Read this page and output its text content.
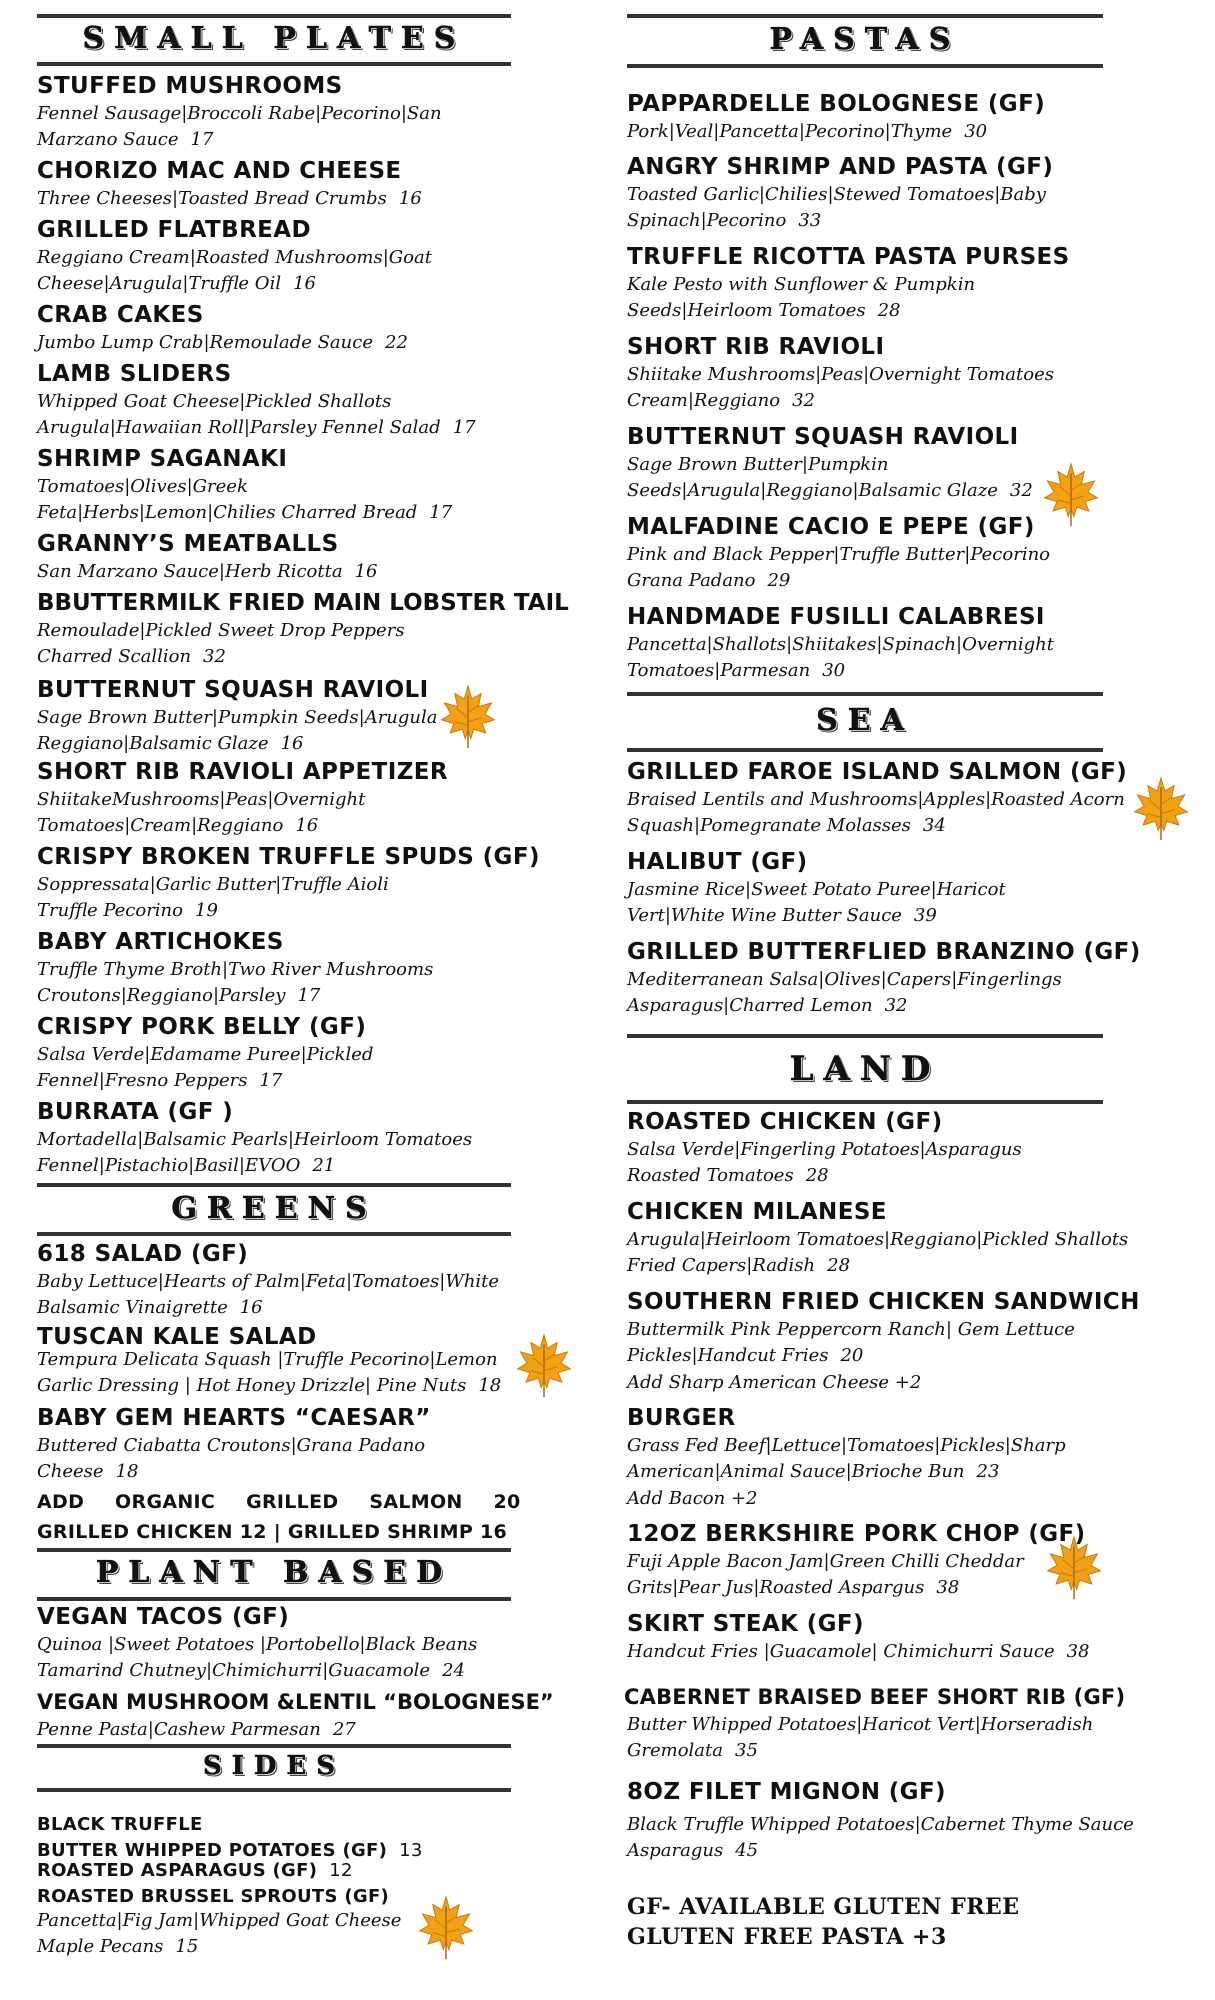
SMALL PLATES
STUFFED MUSHROOMS
Fennel Sausage|Broccoli Rabe|Pecorino|San Marzano Sauce 17
CHORIZO MAC AND CHEESE
Three Cheeses|Toasted Bread Crumbs 16
GRILLED FLATBREAD
Reggiano Cream|Roasted Mushrooms|Goat Cheese|Arugula|Truffle Oil 16
CRAB CAKES
Jumbo Lump Crab|Remoulade Sauce 22
LAMB SLIDERS
Whipped Goat Cheese|Pickled Shallots Arugula|Hawaiian Roll|Parsley Fennel Salad 17
SHRIMP SAGANAKI
Tomatoes|Olives|Greek Feta|Herbs|Lemon|Chilies Charred Bread 17
GRANNY’S MEATBALLS
San Marzano Sauce|Herb Ricotta 16
BBUTTERMILK FRIED MAIN LOBSTER TAIL
Remoulade|Pickled Sweet Drop Peppers Charred Scallion 32
BUTTERNUT SQUASH RAVIOLI
Sage Brown Butter|Pumpkin Seeds|Arugula Reggiano|Balsamic Glaze 16
SHORT RIB RAVIOLI APPETIZER
ShiitakeMushrooms|Peas|Overnight Tomatoes|Cream|Reggiano 16
CRISPY BROKEN TRUFFLE SPUDS (GF)
Soppressata|Garlic Butter|Truffle Aioli Truffle Pecorino 19
BABY ARTICHOKES
Truffle Thyme Broth|Two River Mushrooms Croutons|Reggiano|Parsley 17
CRISPY PORK BELLY (GF)
Salsa Verde|Edamame Puree|Pickled Fennel|Fresno Peppers 17
BURRATA (GF )
Mortadella|Balsamic Pearls|Heirloom Tomatoes Fennel|Pistachio|Basil|EVOO 21
GREENS
618 SALAD (GF)
Baby Lettuce|Hearts of Palm|Feta|Tomatoes|White Balsamic Vinaigrette 16
TUSCAN KALE SALAD
Tempura Delicata Squash |Truffle Pecorino|Lemon Garlic Dressing | Hot Honey Drizzle| Pine Nuts 18
BABY GEM HEARTS “CAESAR”
Buttered Ciabatta Croutons|Grana Padano Cheese 18
ADD ORGANIC GRILLED SALMON 20
GRILLED CHICKEN 12 | GRILLED SHRIMP 16
PLANT BASED
VEGAN TACOS (GF)
Quinoa |Sweet Potatoes |Portobello|Black Beans Tamarind Chutney|Chimichurri|Guacamole 24
VEGAN MUSHROOM &LENTIL “BOLOGNESE”
Penne Pasta|Cashew Parmesan 27
SIDES
BLACK TRUFFLE
BUTTER WHIPPED POTATOES (GF) 13
ROASTED ASPARAGUS (GF) 12
ROASTED BRUSSEL SPROUTS (GF)
Pancetta|Fig Jam|Whipped Goat Cheese Maple Pecans 15
PASTAS
PAPPARDELLE BOLOGNESE (GF)
Pork|Veal|Pancetta|Pecorino|Thyme 30
ANGRY SHRIMP AND PASTA (GF)
Toasted Garlic|Chilies|Stewed Tomatoes|Baby Spinach|Pecorino 33
TRUFFLE RICOTTA PASTA PURSES
Kale Pesto with Sunflower & Pumpkin Seeds|Heirloom Tomatoes 28
SHORT RIB RAVIOLI
Shiitake Mushrooms|Peas|Overnight Tomatoes Cream|Reggiano 32
BUTTERNUT SQUASH RAVIOLI
Sage Brown Butter|Pumpkin Seeds|Arugula|Reggiano|Balsamic Glaze 32
MALFADINE CACIO E PEPE (GF)
Pink and Black Pepper|Truffle Butter|Pecorino Grana Padano 29
HANDMADE FUSILLI CALABRESI
Pancetta|Shallots|Shiitakes|Spinach|Overnight Tomatoes|Parmesan 30
SEA
GRILLED FAROE ISLAND SALMON (GF)
Braised Lentils and Mushrooms|Apples|Roasted Acorn Squash|Pomegranate Molasses 34
HALIBUT (GF)
Jasmine Rice|Sweet Potato Puree|Haricot Vert|White Wine Butter Sauce 39
GRILLED BUTTERFLIED BRANZINO (GF)
Mediterranean Salsa|Olives|Capers|Fingerlings Asparagus|Charred Lemon 32
LAND
ROASTED CHICKEN (GF)
Salsa Verde|Fingerling Potatoes|Asparagus Roasted Tomatoes 28
CHICKEN MILANESE
Arugula|Heirloom Tomatoes|Reggiano|Pickled Shallots Fried Capers|Radish 28
SOUTHERN FRIED CHICKEN SANDWICH
Buttermilk Pink Peppercorn Ranch| Gem Lettuce Pickles|Handcut Fries 20
Add Sharp American Cheese +2
BURGER
Grass Fed Beef|Lettuce|Tomatoes|Pickles|Sharp American|Animal Sauce|Brioche Bun 23
Add Bacon +2
12OZ BERKSHIRE PORK CHOP (GF)
Fuji Apple Bacon Jam|Green Chilli Cheddar Grits|Pear Jus|Roasted Aspargus 38
SKIRT STEAK (GF)
Handcut Fries |Guacamole| Chimichurri Sauce 38
CABERNET BRAISED BEEF SHORT RIB (GF)
Butter Whipped Potatoes|Haricot Vert|Horseradish Gremolata 35
8OZ FILET MIGNON (GF)
Black Truffle Whipped Potatoes|Cabernet Thyme Sauce Asparagus 45
GF- AVAILABLE GLUTEN FREE
GLUTEN FREE PASTA +3
